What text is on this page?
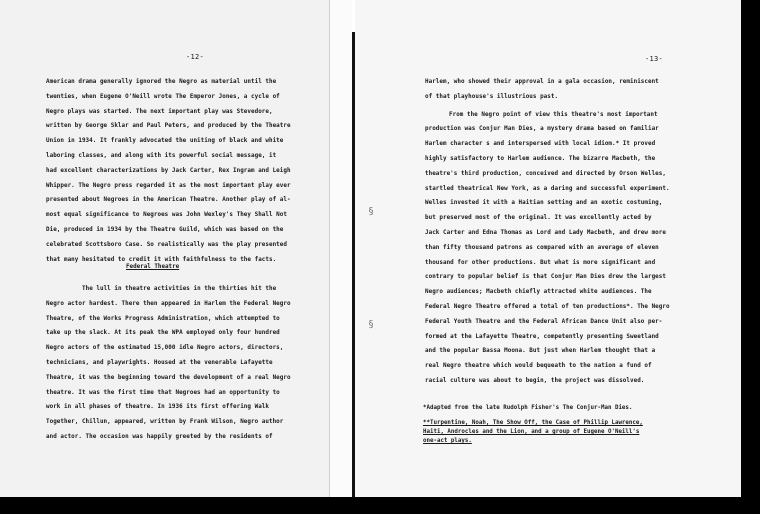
-12-
American drama generally ignored the Negro as material until the
twenties, when Eugene O'Neill wrote The Emperor Jones, a cycle of
Negro plays was started. The next important play was Stevedore,
written by George Sklar and Paul Peters, and produced by the Theatre
Union in 1934. It frankly advocated the uniting of black and white
laboring classes, and along with its powerful social message, it
had excellent characterizations by Jack Carter, Rex Ingram and Leigh
Whipper. The Negro press regarded it as the most important play ever
presented about Negroes in the American Theatre. Another play of al-
most equal significance to Negroes was John Wexley's They Shall Not
Die, produced in 1934 by the Theatre Guild, which was based on the
celebrated Scottsboro Case. So realistically was the play presented
that many hesitated to credit it with faithfulness to the facts.
Federal Theatre
The lull in theatre activities in the thirties hit the
Negro actor hardest. There then appeared in Harlem the Federal Negro
Theatre, of the Works Progress Administration, which attempted to
take up the slack. At its peak the WPA employed only four hundred
Negro actors of the estimated 15,000 idle Negro actors, directors,
technicians, and playwrights. Housed at the venerable Lafayette
Theatre, it was the beginning toward the development of a real Negro
theatre. It was the first time that Negroes had an opportunity to
work in all phases of theatre. In 1936 its first offering Walk
Together, Chillun, appeared, written by Frank Wilson, Negro author
and actor. The occasion was happily greeted by the residents of
-13-
Harlem, who showed their approval in a gala occasion, reminiscent
of that playhouse's illustrious past.
From the Negro point of view this theatre's most important
production was Conjur Man Dies, a mystery drama based on familiar
Harlem character s and interspersed with local idiom.* It proved
highly satisfactory to Harlem audience. The bizarre Macbeth, the
theatre's third production, conceived and directed by Orson Welles,
startled theatrical New York, as a daring and successful experiment.
Welles invested it with a Haitian setting and an exotic costuming,
but preserved most of the original. It was excellently acted by
Jack Carter and Edna Thomas as Lord and Lady Macbeth, and drew more
than fifty thousand patrons as compared with an average of eleven
thousand for other productions. But what is more significant and
contrary to popular belief is that Conjur Man Dies drew the largest
Negro audiences; Macbeth chiefly attracted white audiences. The
Federal Negro Theatre offered a total of ten productions*. The Negro
Federal Youth Theatre and the Federal African Dance Unit also per-
formed at the Lafayette Theatre, competently presenting Sweetland
and the popular Bassa Moona. But just when Harlem thought that a
real Negro theatre which would bequeath to the nation a fund of
racial culture was about to begin, the project was dissolved.
§
§
*Adapted from the late Rudolph Fisher's The Conjur-Man Dies.
**Turpentine, Noah, The Show Off, the Case of Phillip Lawrence,
Haiti, Androcles and the Lion, and a group of Eugene O'Neill's
one-act plays.
